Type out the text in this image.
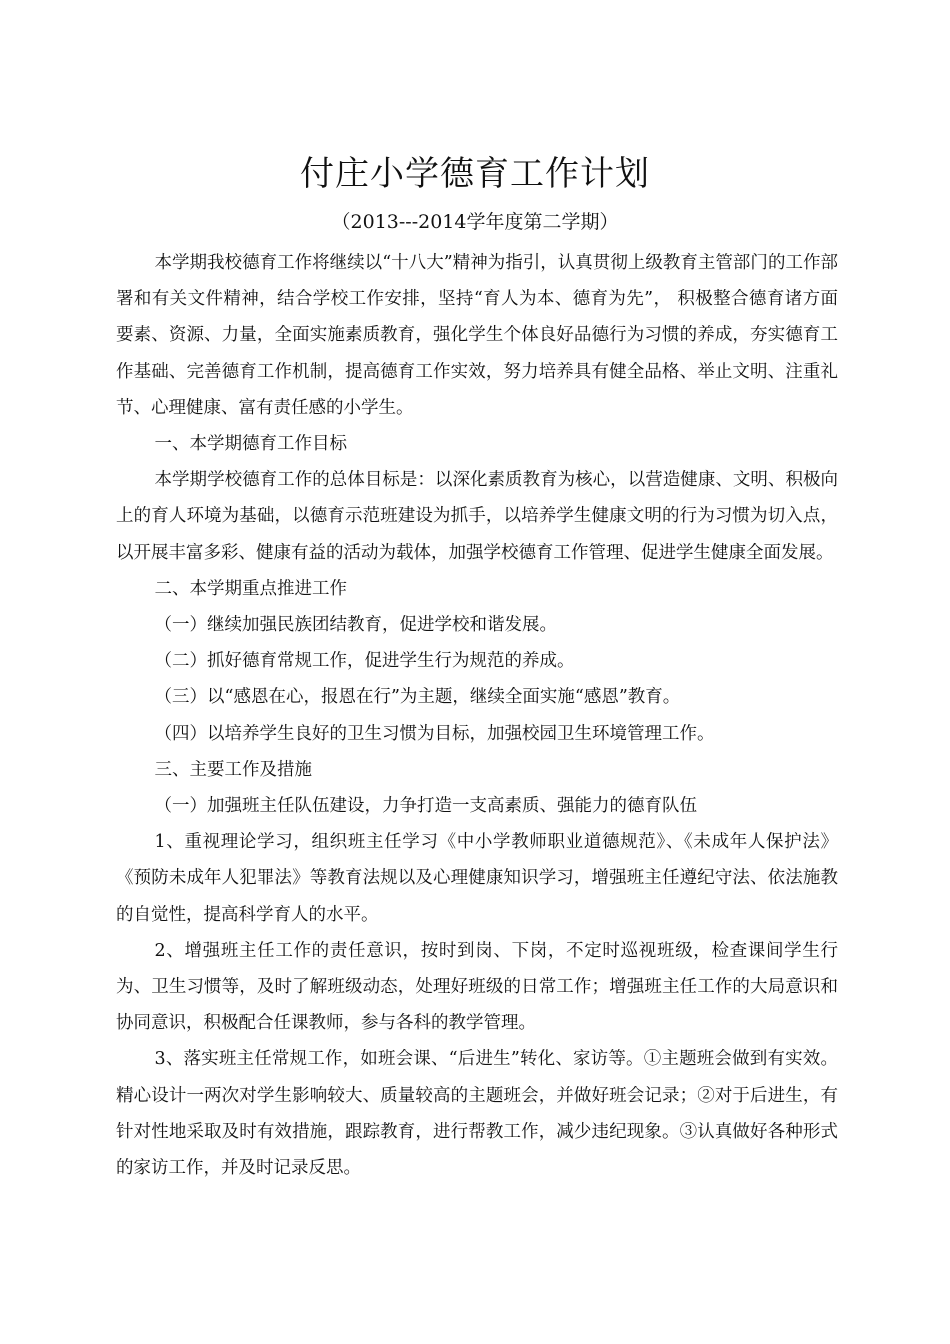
付庄小学德育工作计划
（2013---2014学年度第二学期）

本学期我校德育工作将继续以“十八大”精神为指引，认真贯彻上级教育主管部门的工作部署和有关文件精神，结合学校工作安排，坚持“育人为本、德育为先”， 积极整合德育诸方面要素、资源、力量，全面实施素质教育，强化学生个体良好品德行为习惯的养成，夯实德育工作基础、完善德育工作机制，提高德育工作实效，努力培养具有健全品格、举止文明、注重礼节、心理健康、富有责任感的小学生。

一、本学期德育工作目标

本学期学校德育工作的总体目标是：以深化素质教育为核心，以营造健康、文明、积极向上的育人环境为基础，以德育示范班建设为抓手，以培养学生健康文明的行为习惯为切入点，以开展丰富多彩、健康有益的活动为载体，加强学校德育工作管理、促进学生健康全面发展。

二、本学期重点推进工作

（一）继续加强民族团结教育，促进学校和谐发展。

（二）抓好德育常规工作，促进学生行为规范的养成。

（三）以“感恩在心，报恩在行”为主题，继续全面实施“感恩”教育。

（四）以培养学生良好的卫生习惯为目标，加强校园卫生环境管理工作。

三、主要工作及措施

（一）加强班主任队伍建设，力争打造一支高素质、强能力的德育队伍

1、重视理论学习，组织班主任学习《中小学教师职业道德规范》、《未成年人保护法》《预防未成年人犯罪法》等教育法规以及心理健康知识学习，增强班主任遵纪守法、依法施教的自觉性，提高科学育人的水平。

2、增强班主任工作的责任意识，按时到岗、下岗，不定时巡视班级，检查课间学生行为、卫生习惯等，及时了解班级动态，处理好班级的日常工作；增强班主任工作的大局意识和协同意识，积极配合任课教师，参与各科的教学管理。

3、落实班主任常规工作，如班会课、“后进生”转化、家访等。①主题班会做到有实效。精心设计一两次对学生影响较大、质量较高的主题班会，并做好班会记录；②对于后进生，有针对性地采取及时有效措施，跟踪教育，进行帮教工作，减少违纪现象。③认真做好各种形式的家访工作，并及时记录反思。
